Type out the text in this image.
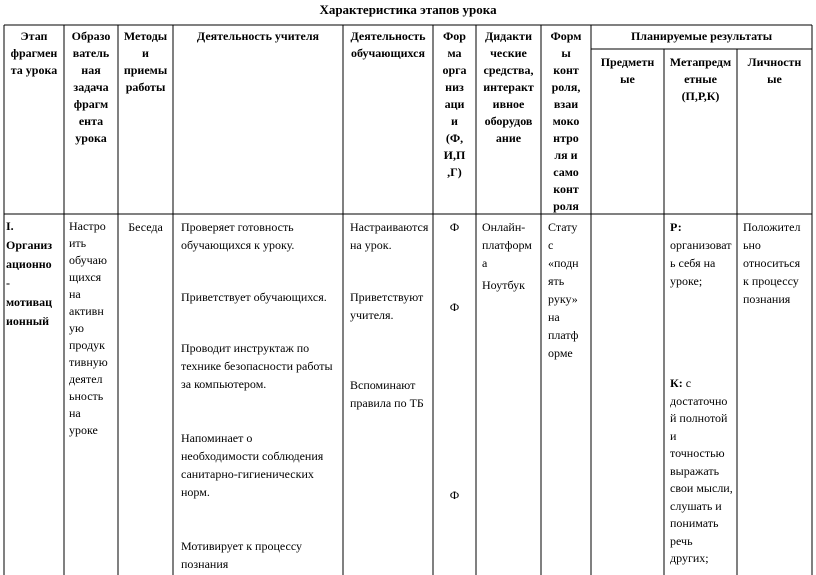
Характеристика этапов урока
Этап
фрагмен
та урока
Образо
ватель
ная
задача
фрагм
ента
урока
Методы
и
приемы
работы
Деятельность учителя	Деятельность
обучающихся
Фор
ма
орга
низ
аци
и
(Ф,
И,П
,Г)
Дидакти
ческие
средства,
интеракт
ивное
оборудов
ание
Форм
ы
конт
роля,
взаи
моко
нтро
ля и
само
конт
роля
Планируемые результаты
Предметн
ые
Метапредм
етные
(П,Р,К)
Личностн
ые
I.
Организ
ационно
-
мотивац
ионный
Настро
ить
обучаю
щихся
на
активн
ую
продук
тивную
деятел
ьность
на
уроке
Беседа	Проверяет готовность
обучающихся к уроку.
Приветствует обучающихся.
Проводит инструктаж по
технике безопасности работы
за компьютером.
Напоминает о
необходимости соблюдения
санитарно-гигиенических
норм.
Мотивирует к процессу
познания
Настраиваются
на урок.
Приветствуют
учителя.
Вспоминают
правила по ТБ
Ф
Ф
Ф
Онлайн-
платформ
а
Ноутбук
Стату
с
«подн
ять
руку»
на
платф
орме
Р:
организоват
ь себя на
уроке;
К: с
достаточно
й полнотой
и
точностью
выражать
свои мысли,
слушать и
понимать
речь
других;
Положител
ьно
относиться
к процессу
познания
